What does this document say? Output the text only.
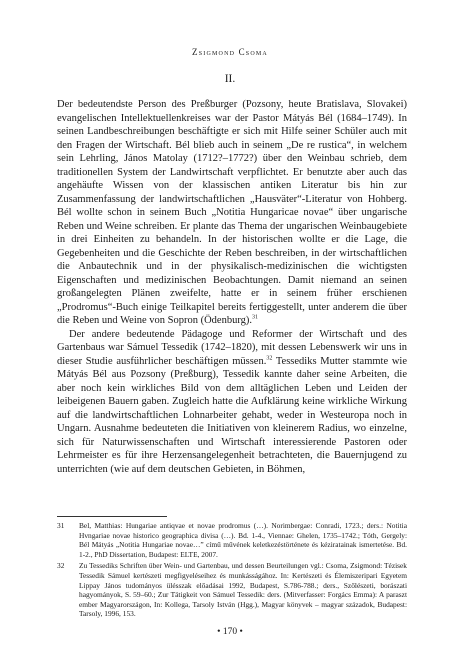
Zsigmond Csoma
II.

Der bedeutendste Person des Preßburger (Pozsony, heute Bratislava, Slovakei) evangelischen Intellektuellenkreises war der Pastor Mátyás Bél (1684–1749). In seinen Landbeschreibungen beschäftigte er sich mit Hilfe seiner Schüler auch mit den Fragen der Wirtschaft. Bél blieb auch in seinem „De re rustica“, in welchem sein Lehrling, János Matolay (1712?–1772?) über den Weinbau schrieb, dem traditionellen System der Landwirtschaft verpflichtet. Er benutzte aber auch das angehäufte Wissen von der klassischen antiken Literatur bis hin zur Zusammenfassung der landwirtschaftlichen „Hausväter“-Literatur von Hohberg. Bél wollte schon in seinem Buch „Notitia Hungaricae novae“ über ungarische Reben und Weine schreiben. Er plante das Thema der ungarischen Weinbaugebiete in drei Einheiten zu behandeln. In der historischen wollte er die Lage, die Gegebenheiten und die Geschichte der Reben beschreiben, in der wirtschaftlichen die Anbautechnik und in der physikalisch-medizinischen die wichtigsten Eigenschaften und medizinischen Beobachtungen. Damit niemand an seinen großangelegten Plänen zweifelte, hatte er in seinem früher erschienen „Prodromus“-Buch einige Teilkapitel bereits fertiggestellt, unter anderem die über die Reben und Weine von Sopron (Ödenburg).$^{31}$

Der andere bedeutende Pädagoge und Reformer der Wirtschaft und des Gartenbaus war Sámuel Tessedik (1742–1820), mit dessen Lebenswerk wir uns in dieser Studie ausführlicher beschäftigen müssen.$^{32}$ Tessediks Mutter stammte wie Mátyás Bél aus Pozsony (Preßburg), Tessedik kannte daher seine Arbeiten, die aber noch kein wirkliches Bild von dem alltäglichen Leben und Leiden der leibeigenen Bauern gaben. Zugleich hatte die Aufklärung keine wirkliche Wirkung auf die landwirtschaftlichen Lohnarbeiter gehabt, weder in Westeuropa noch in Ungarn. Ausnahme bedeuteten die Initiativen von kleinerem Radius, wo einzelne, sich für Naturwissenschaften und Wirtschaft interessierende Pastoren oder Lehrmeister es für ihre Herzensangelegenheit betrachteten, die Bauernjugend zu unterrichten (wie auf dem deutschen Gebieten, in Böhmen,

31 Bel, Matthias: Hungariae antiqvae et novae prodromus (…). Norimbergae: Conradi, 1723.; ders.: Notitia Hvngariae novae historico geographica divisa (…). Bd. 1-4., Viennae: Ghelen, 1735–1742.; Tóth, Gergely: Bél Mátyás „Notitia Hungariae novae…” című művének keletkezéstörténete és kéziratainak ismertetése. Bd. 1-2., PhD Dissertation, Budapest: ELTE, 2007.
32 Zu Tessediks Schriften über Wein- und Gartenbau, und dessen Beurteilungen vgl.: Csoma, Zsigmond: Tézisek Tessedik Sámuel kertészeti megfigyeléseihez és munkásságához. In: Kertészeti és Élemiszeripari Egyetem Lippay János tudományos ülésszak előadásai 1992, Budapest, S.786-788.; ders., Szőlészeti, borászati hagyományok, S. 59–60.; Zur Tätigkeit von Sámuel Tessedik: ders. (Mitverfasser: Forgács Emma): A paraszt ember Magyarországon, In: Kollega, Tarsoly István (Hgg.), Magyar könyvek – magyar századok, Budapest: Tarsoly, 1996, 153.
• 170 •
